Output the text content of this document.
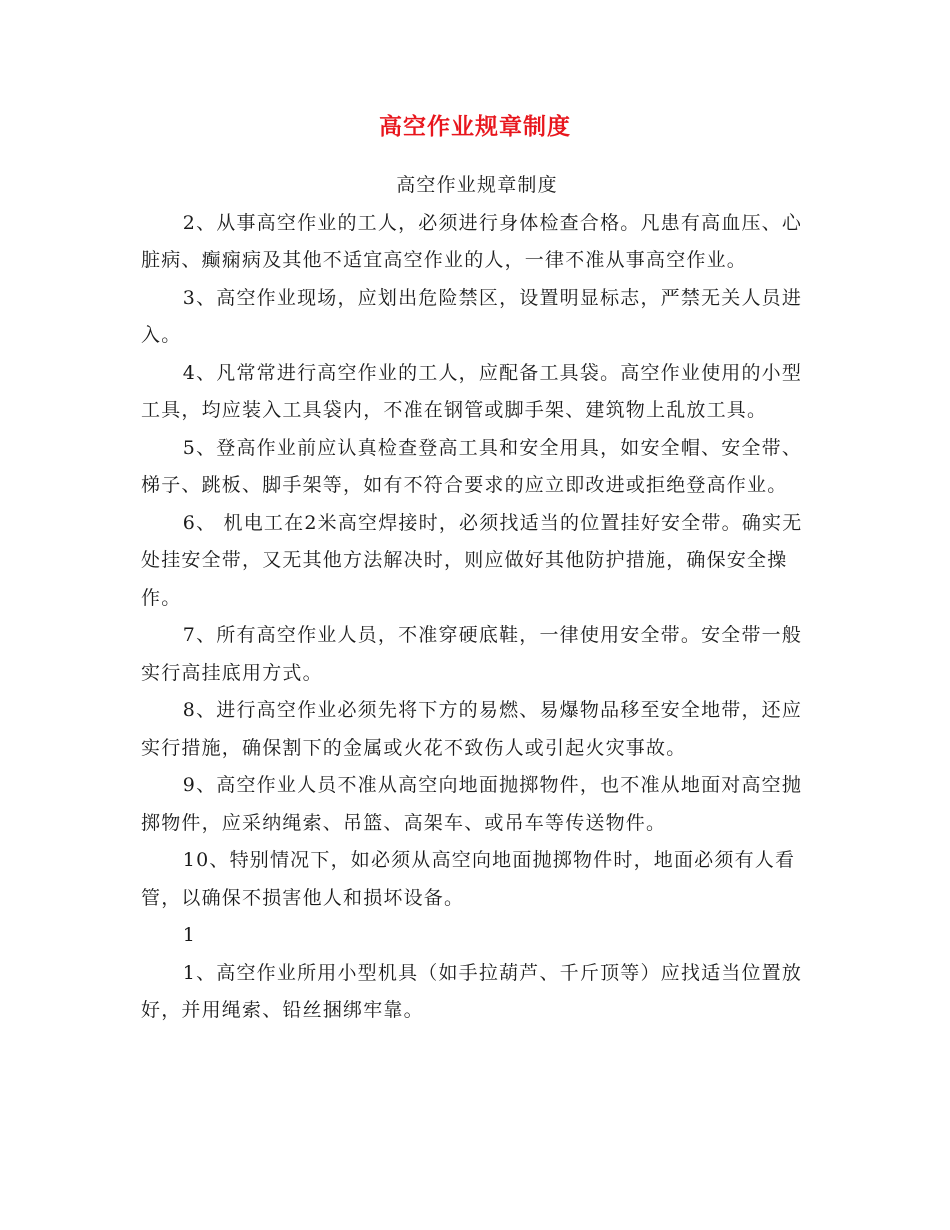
高空作业规章制度

高空作业规章制度

2、从事高空作业的工人，必须进行身体检查合格。凡患有高血压、心脏病、癫痫病及其他不适宜高空作业的人，一律不准从事高空作业。

3、高空作业现场，应划出危险禁区，设置明显标志，严禁无关人员进入。

4、凡常常进行高空作业的工人，应配备工具袋。高空作业使用的小型工具，均应装入工具袋内，不准在钢管或脚手架、建筑物上乱放工具。

5、登高作业前应认真检查登高工具和安全用具，如安全帽、安全带、梯子、跳板、脚手架等，如有不符合要求的应立即改进或拒绝登高作业。

6、 机电工在2米高空焊接时，必须找适当的位置挂好安全带。确实无处挂安全带，又无其他方法解决时，则应做好其他防护措施，确保安全操作。

7、所有高空作业人员，不准穿硬底鞋，一律使用安全带。安全带一般实行高挂底用方式。

8、进行高空作业必须先将下方的易燃、易爆物品移至安全地带，还应实行措施，确保割下的金属或火花不致伤人或引起火灾事故。

9、高空作业人员不准从高空向地面抛掷物件，也不准从地面对高空抛掷物件，应采纳绳索、吊篮、高架车、或吊车等传送物件。

10、特别情况下，如必须从高空向地面抛掷物件时，地面必须有人看管，以确保不损害他人和损坏设备。

1

1、高空作业所用小型机具（如手拉葫芦、千斤顶等）应找适当位置放好，并用绳索、铅丝捆绑牢靠。
